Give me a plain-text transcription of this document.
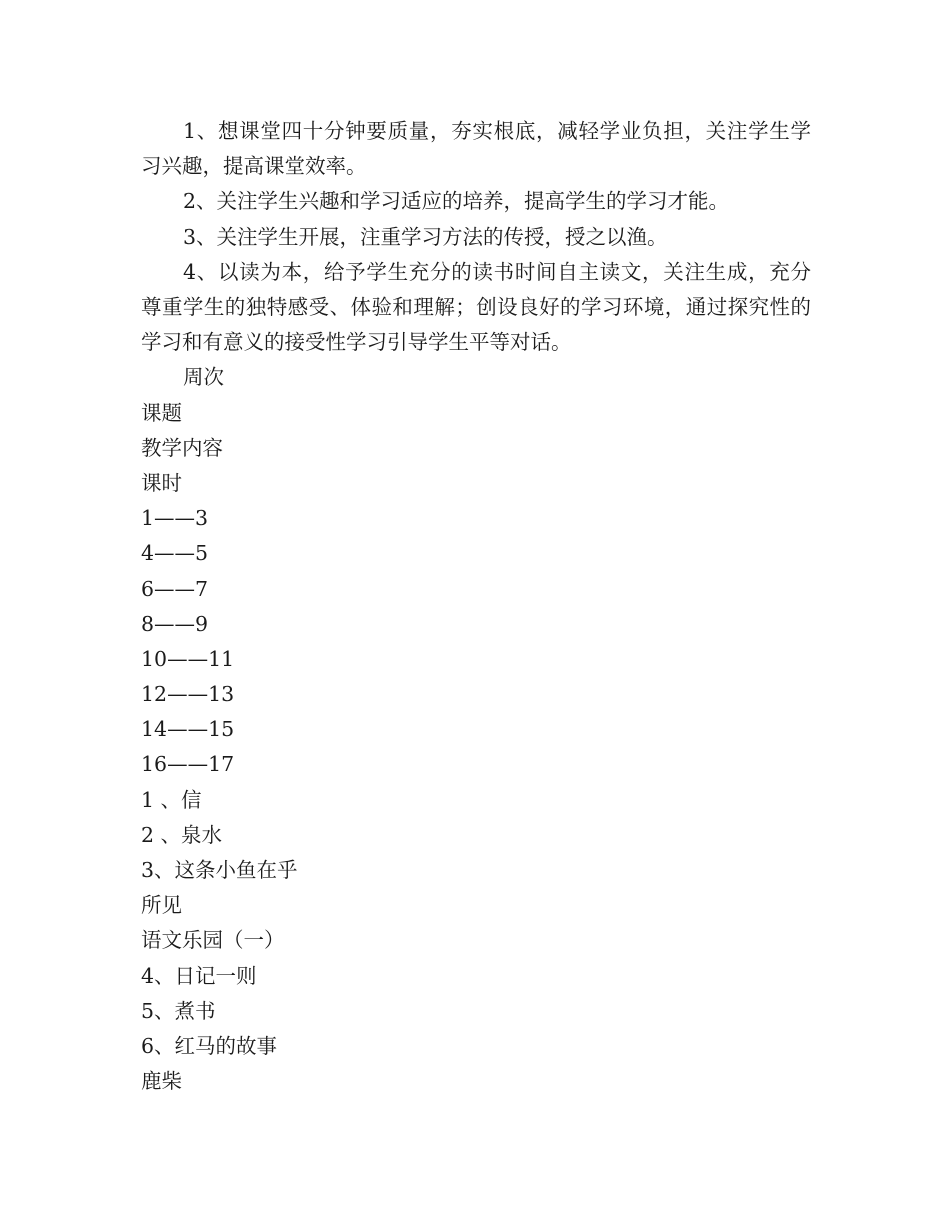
1、想课堂四十分钟要质量，夯实根底，减轻学业负担，关注学生学习兴趣，提高课堂效率。
2、关注学生兴趣和学习适应的培养，提高学生的学习才能。
3、关注学生开展，注重学习方法的传授，授之以渔。
4、以读为本，给予学生充分的读书时间自主读文，关注生成，充分尊重学生的独特感受、体验和理解；创设良好的学习环境，通过探究性的学习和有意义的接受性学习引导学生平等对话。
周次
课题
教学内容
课时
1——3
4——5
6——7
8——9
10——11
12——13
14——15
16——17
1 、信
2 、泉水
3、这条小鱼在乎
所见
语文乐园（一）
4、日记一则
5、煮书
6、红马的故事
鹿柴
